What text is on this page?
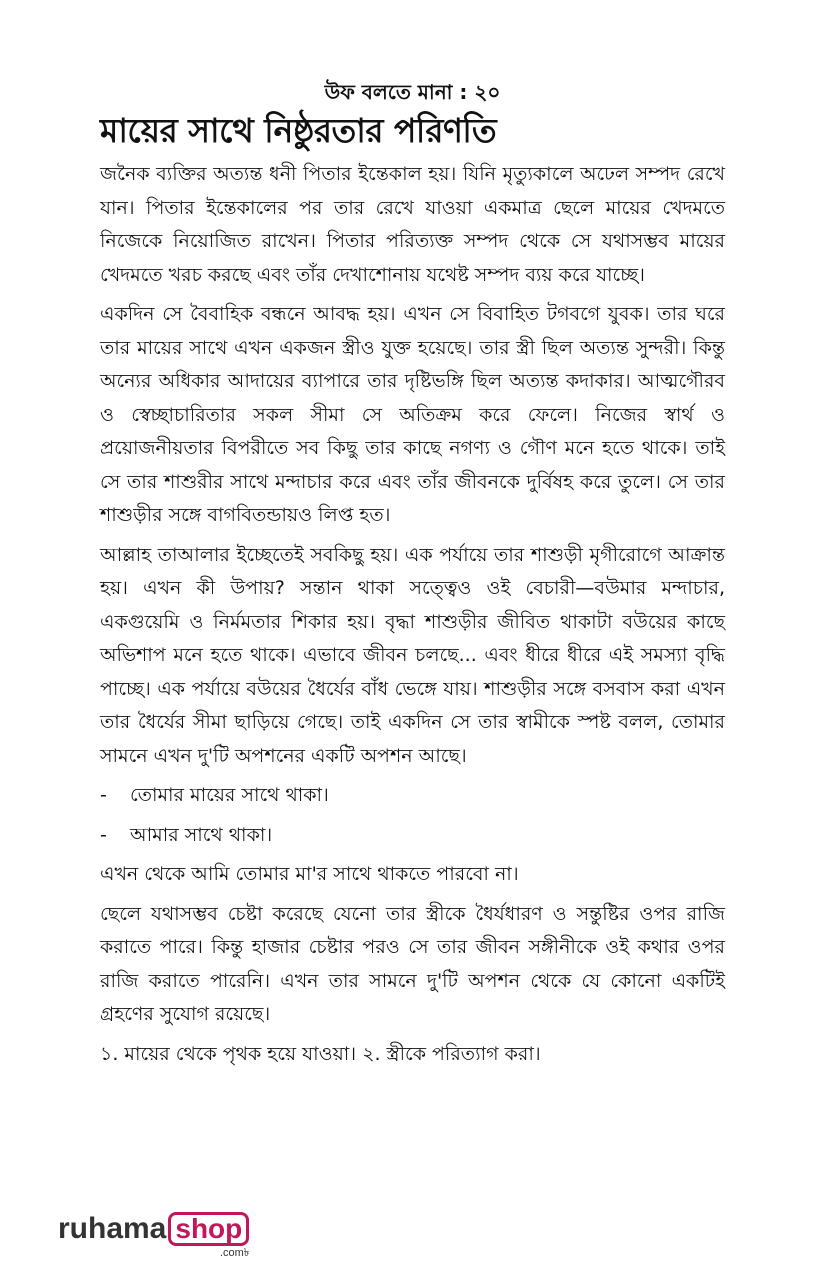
উফ বলতে মানা : ২০
মায়ের সাথে নিষ্ঠুরতার পরিণতি

জনৈক ব্যক্তির অত্যন্ত ধনী পিতার ইন্তেকাল হয়। যিনি মৃত্যুকালে অঢেল সম্পদ রেখে যান। পিতার ইন্তেকালের পর তার রেখে যাওয়া একমাত্র ছেলে মায়ের খেদমতে নিজেকে নিয়োজিত রাখেন। পিতার পরিত্যক্ত সম্পদ থেকে সে যথাসম্ভব মায়ের খেদমতে খরচ করছে এবং তাঁর দেখাশোনায় যথেষ্ট সম্পদ ব্যয় করে যাচ্ছে।

একদিন সে বৈবাহিক বন্ধনে আবদ্ধ হয়। এখন সে বিবাহিত টগবগে যুবক। তার ঘরে তার মায়ের সাথে এখন একজন স্ত্রীও যুক্ত হয়েছে। তার স্ত্রী ছিল অত্যন্ত সুন্দরী। কিন্তু অন্যের অধিকার আদায়ের ব্যাপারে তার দৃষ্টিভঙ্গি ছিল অত্যন্ত কদাকার। আত্মগৌরব ও স্বেচ্ছাচারিতার সকল সীমা সে অতিক্রম করে ফেলে। নিজের স্বার্থ ও প্রয়োজনীয়তার বিপরীতে সব কিছু তার কাছে নগণ্য ও গৌণ মনে হতে থাকে। তাই সে তার শাশুরীর সাথে মন্দাচার করে এবং তাঁর জীবনকে দুর্বিষহ করে তুলে। সে তার শাশুড়ীর সঙ্গে বাগবিতন্ডায়ও লিপ্ত হত।

আল্লাহ তাআলার ইচ্ছেতেই সবকিছু হয়। এক পর্যায়ে তার শাশুড়ী মৃগীরোগে আক্রান্ত হয়। এখন কী উপায়? সন্তান থাকা সত্ত্বেও ওই বেচারী—বউমার মন্দাচার, একগুয়েমি ও নির্মমতার শিকার হয়। বৃদ্ধা শাশুড়ীর জীবিত থাকাটা বউয়ের কাছে অভিশাপ মনে হতে থাকে। এভাবে জীবন চলছে... এবং ধীরে ধীরে এই সমস্যা বৃদ্ধি পাচ্ছে। এক পর্যায়ে বউয়ের ধৈর্যের বাঁধ ভেঙ্গে যায়। শাশুড়ীর সঙ্গে বসবাস করা এখন তার ধৈর্যের সীমা ছাড়িয়ে গেছে। তাই একদিন সে তার স্বামীকে স্পষ্ট বলল, তোমার সামনে এখন দু'টি অপশনের একটি অপশন আছে।

-	তোমার মায়ের সাথে থাকা।
-	আমার সাথে থাকা।

এখন থেকে আমি তোমার মা'র সাথে থাকতে পারবো না।

ছেলে যথাসম্ভব চেষ্টা করেছে যেনো তার স্ত্রীকে ধৈর্যধারণ ও সন্তুষ্টির ওপর রাজি করাতে পারে। কিন্তু হাজার চেষ্টার পরও সে তার জীবন সঙ্গীনীকে ওই কথার ওপর রাজি করাতে পারেনি। এখন তার সামনে দু'টি অপশন থেকে যে কোনো একটিই গ্রহণের সুযোগ রয়েছে।

১. মায়ের থেকে পৃথক হয়ে যাওয়া। ২. স্ত্রীকে পরিত্যাগ করা।

ruhama shop
.com৳
